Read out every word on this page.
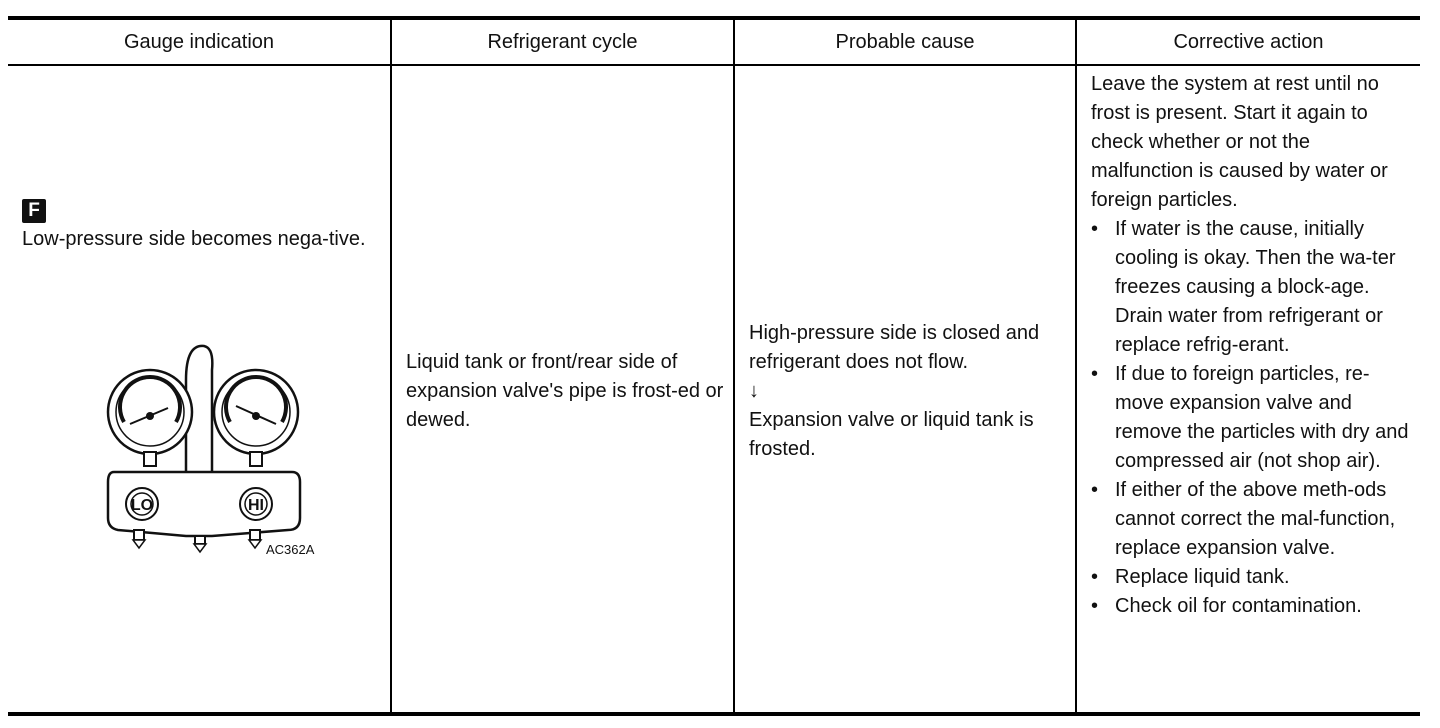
Gauge indication
F
Low-pressure side becomes nega-tive.
LO	HI
AC362A
Refrigerant cycle
Liquid tank or front/rear side of expansion valve's pipe is frost-ed or dewed.
Probable cause
High-pressure side is closed and refrigerant does not flow.
↓
Expansion valve or liquid tank is frosted.
Corrective action
Leave the system at rest until no frost is present. Start it again to check whether or not the malfunction is caused by water or foreign particles.
• If water is the cause, initially cooling is okay. Then the wa-ter freezes causing a block-age. Drain water from refrigerant or replace refrig-erant.
• If due to foreign particles, re-move expansion valve and remove the particles with dry and compressed air (not shop air).
• If either of the above meth-ods cannot correct the mal-function, replace expansion valve.
• Replace liquid tank.
• Check oil for contamination.
